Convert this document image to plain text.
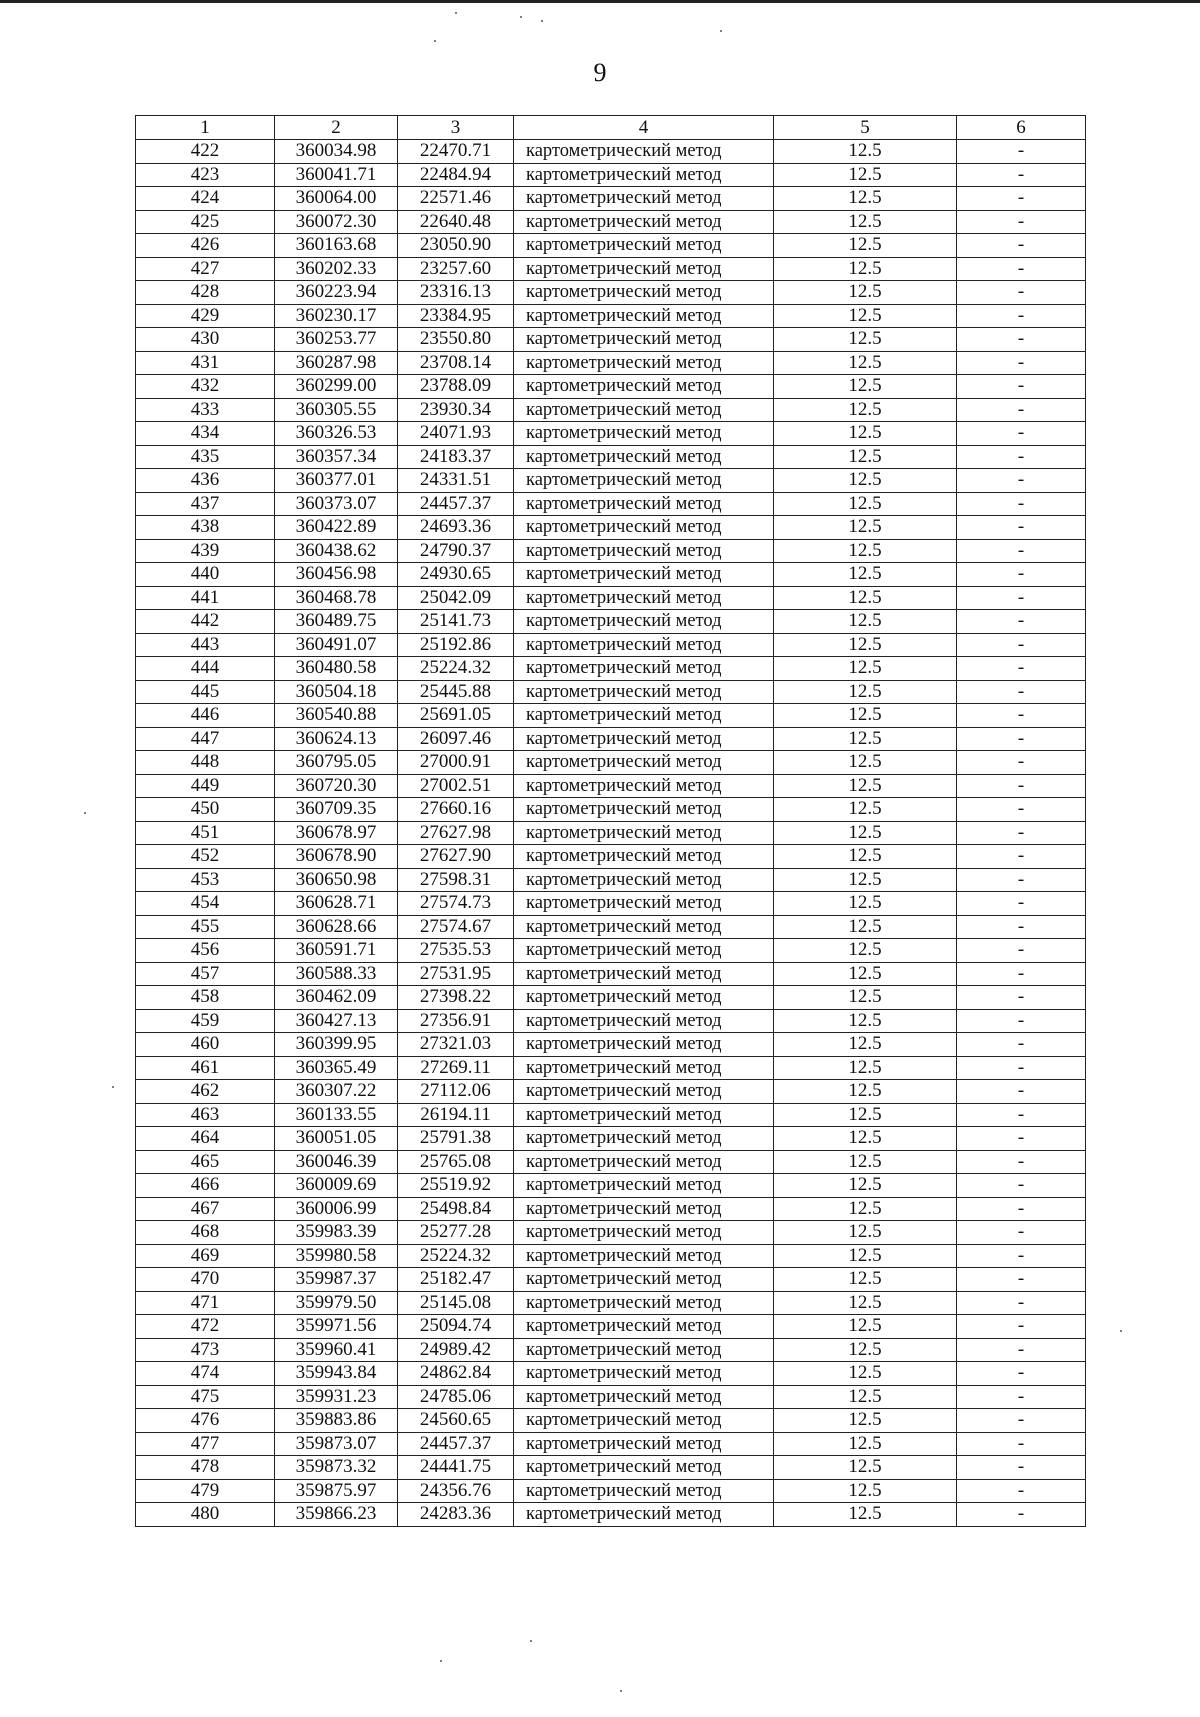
9
1	2	3	4	5	6
422	360034.98	22470.71	картометрический метод	12.5	-
423	360041.71	22484.94	картометрический метод	12.5	-
424	360064.00	22571.46	картометрический метод	12.5	-
425	360072.30	22640.48	картометрический метод	12.5	-
426	360163.68	23050.90	картометрический метод	12.5	-
427	360202.33	23257.60	картометрический метод	12.5	-
428	360223.94	23316.13	картометрический метод	12.5	-
429	360230.17	23384.95	картометрический метод	12.5	-
430	360253.77	23550.80	картометрический метод	12.5	-
431	360287.98	23708.14	картометрический метод	12.5	-
432	360299.00	23788.09	картометрический метод	12.5	-
433	360305.55	23930.34	картометрический метод	12.5	-
434	360326.53	24071.93	картометрический метод	12.5	-
435	360357.34	24183.37	картометрический метод	12.5	-
436	360377.01	24331.51	картометрический метод	12.5	-
437	360373.07	24457.37	картометрический метод	12.5	-
438	360422.89	24693.36	картометрический метод	12.5	-
439	360438.62	24790.37	картометрический метод	12.5	-
440	360456.98	24930.65	картометрический метод	12.5	-
441	360468.78	25042.09	картометрический метод	12.5	-
442	360489.75	25141.73	картометрический метод	12.5	-
443	360491.07	25192.86	картометрический метод	12.5	-
444	360480.58	25224.32	картометрический метод	12.5	-
445	360504.18	25445.88	картометрический метод	12.5	-
446	360540.88	25691.05	картометрический метод	12.5	-
447	360624.13	26097.46	картометрический метод	12.5	-
448	360795.05	27000.91	картометрический метод	12.5	-
449	360720.30	27002.51	картометрический метод	12.5	-
450	360709.35	27660.16	картометрический метод	12.5	-
451	360678.97	27627.98	картометрический метод	12.5	-
452	360678.90	27627.90	картометрический метод	12.5	-
453	360650.98	27598.31	картометрический метод	12.5	-
454	360628.71	27574.73	картометрический метод	12.5	-
455	360628.66	27574.67	картометрический метод	12.5	-
456	360591.71	27535.53	картометрический метод	12.5	-
457	360588.33	27531.95	картометрический метод	12.5	-
458	360462.09	27398.22	картометрический метод	12.5	-
459	360427.13	27356.91	картометрический метод	12.5	-
460	360399.95	27321.03	картометрический метод	12.5	-
461	360365.49	27269.11	картометрический метод	12.5	-
462	360307.22	27112.06	картометрический метод	12.5	-
463	360133.55	26194.11	картометрический метод	12.5	-
464	360051.05	25791.38	картометрический метод	12.5	-
465	360046.39	25765.08	картометрический метод	12.5	-
466	360009.69	25519.92	картометрический метод	12.5	-
467	360006.99	25498.84	картометрический метод	12.5	-
468	359983.39	25277.28	картометрический метод	12.5	-
469	359980.58	25224.32	картометрический метод	12.5	-
470	359987.37	25182.47	картометрический метод	12.5	-
471	359979.50	25145.08	картометрический метод	12.5	-
472	359971.56	25094.74	картометрический метод	12.5	-
473	359960.41	24989.42	картометрический метод	12.5	-
474	359943.84	24862.84	картометрический метод	12.5	-
475	359931.23	24785.06	картометрический метод	12.5	-
476	359883.86	24560.65	картометрический метод	12.5	-
477	359873.07	24457.37	картометрический метод	12.5	-
478	359873.32	24441.75	картометрический метод	12.5	-
479	359875.97	24356.76	картометрический метод	12.5	-
480	359866.23	24283.36	картометрический метод	12.5	-
